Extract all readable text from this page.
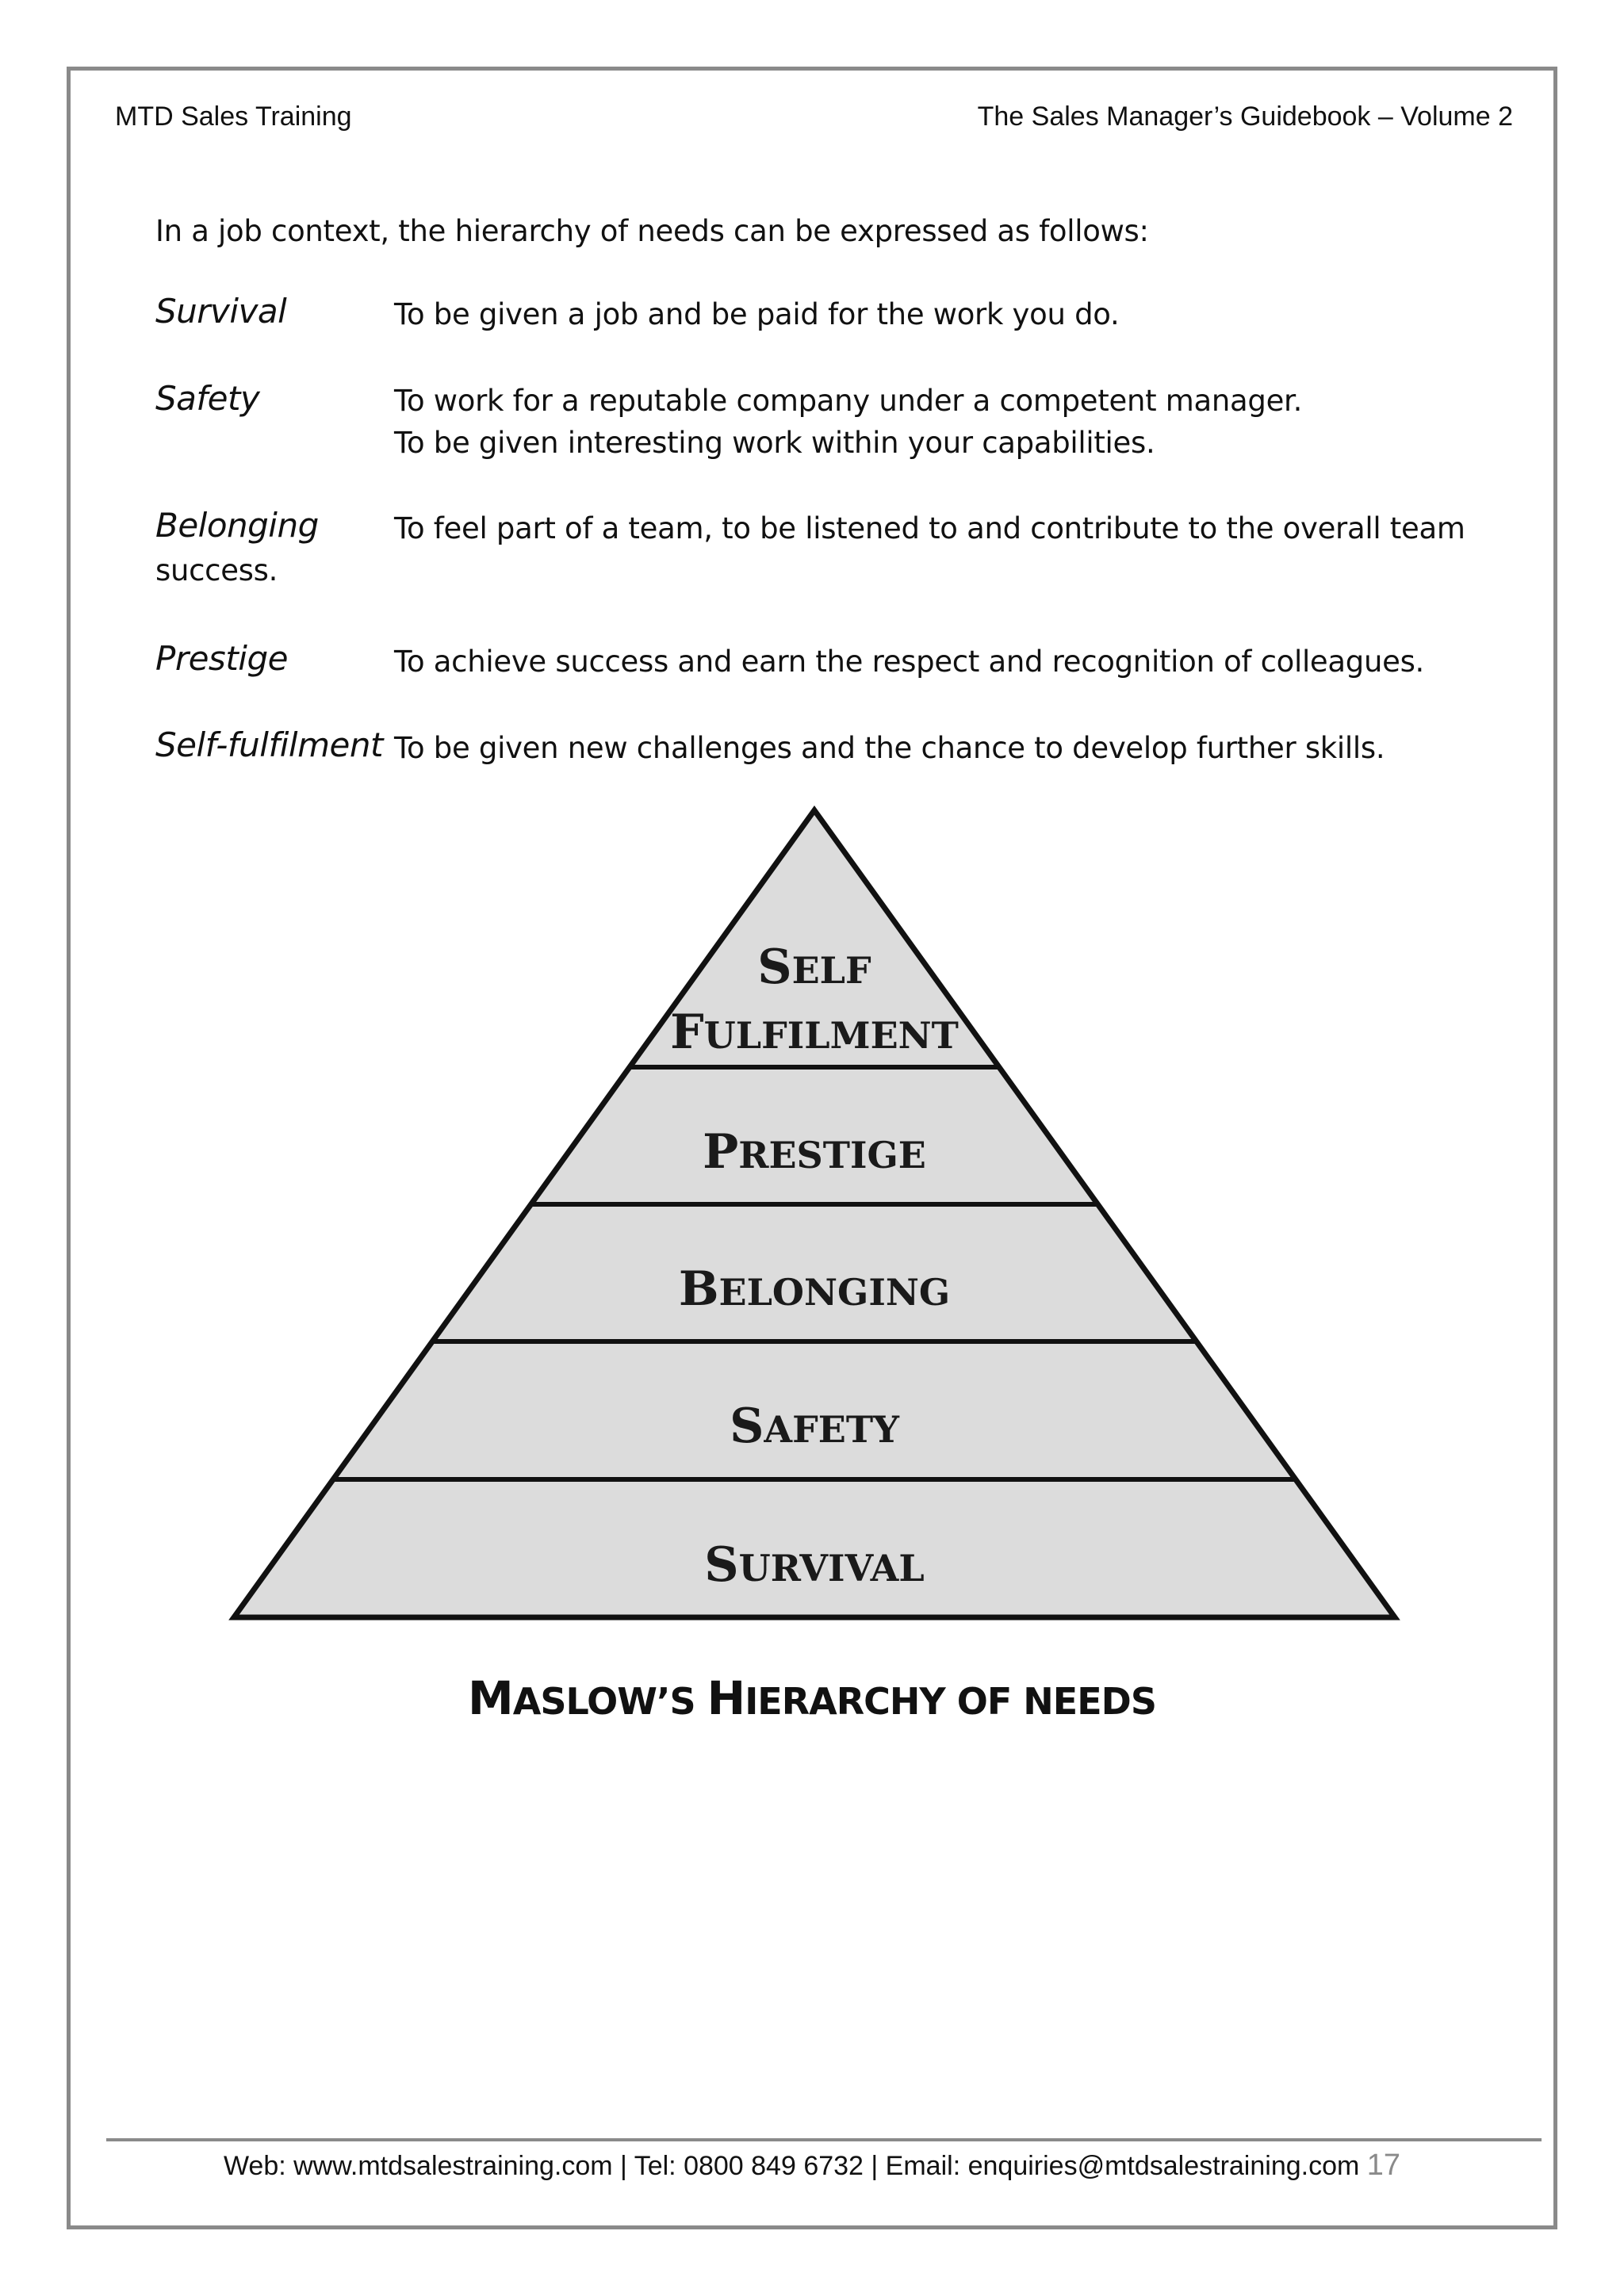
MTD Sales Training	The Sales Manager’s Guidebook – Volume 2
In a job context, the hierarchy of needs can be expressed as follows:
Survival	To be given a job and be paid for the work you do.
Safety	To work for a reputable company under a competent manager.
To be given interesting work within your capabilities.
Belonging	To feel part of a team, to be listened to and contribute to the overall team
success.
Prestige	To achieve success and earn the respect and recognition of colleagues.
Self-fulfilment To be given new challenges and the chance to develop further skills.
SELF
FULFILMENT
PRESTIGE
BELONGING
SAFETY
SURVIVAL
MASLOW’S HIERARCHY OF NEEDS
Web: www.mtdsalestraining.com | Tel: 0800 849 6732 | Email: enquiries@mtdsalestraining.com 17
